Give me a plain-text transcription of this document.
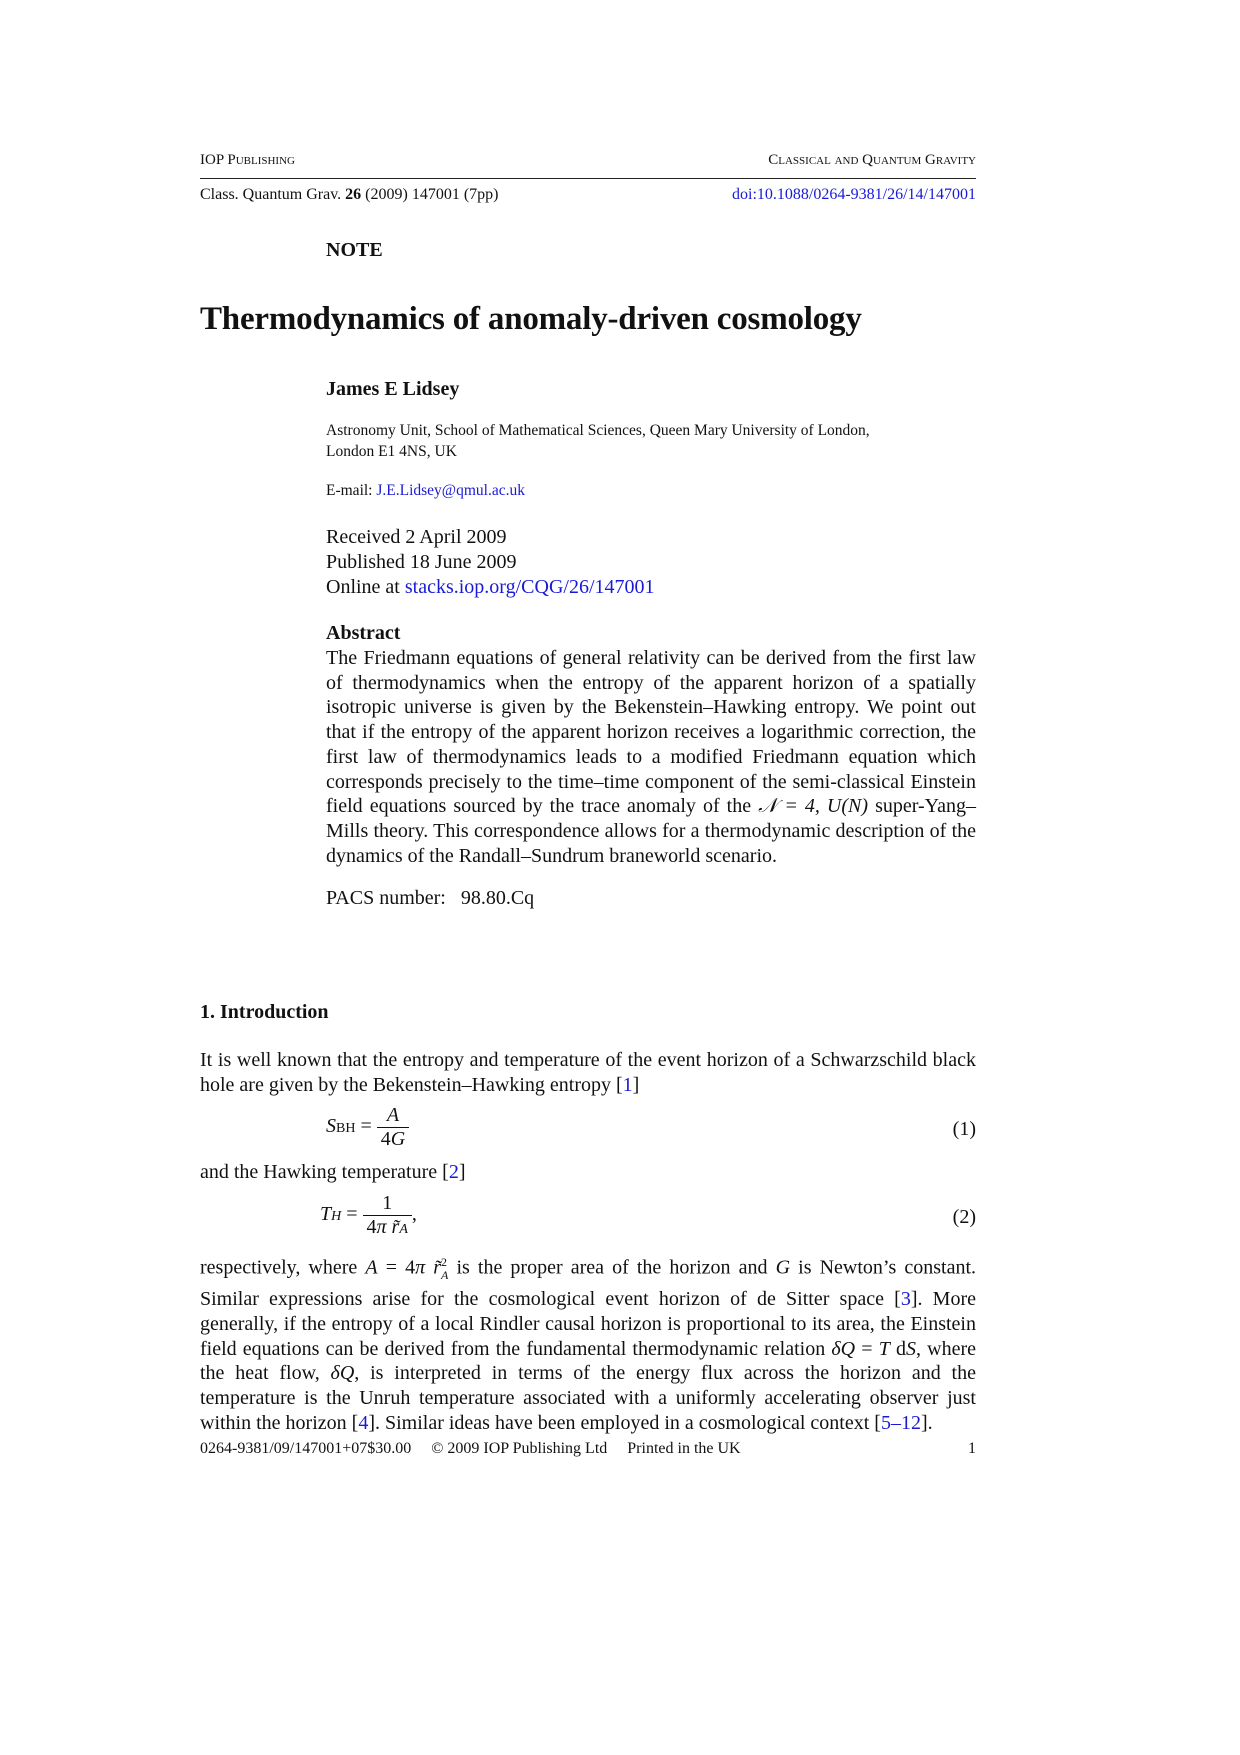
IOP Publishing	Classical and Quantum Gravity
Class. Quantum Grav. 26 (2009) 147001 (7pp)	doi:10.1088/0264-9381/26/14/147001
NOTE
Thermodynamics of anomaly-driven cosmology
James E Lidsey
Astronomy Unit, School of Mathematical Sciences, Queen Mary University of London,
London E1 4NS, UK
E-mail: J.E.Lidsey@qmul.ac.uk
Received 2 April 2009
Published 18 June 2009
Online at stacks.iop.org/CQG/26/147001
Abstract
The Friedmann equations of general relativity can be derived from the first law of thermodynamics when the entropy of the apparent horizon of a spatially isotropic universe is given by the Bekenstein–Hawking entropy. We point out that if the entropy of the apparent horizon receives a logarithmic correction, the first law of thermodynamics leads to a modified Friedmann equation which corresponds precisely to the time–time component of the semi-classical Einstein field equations sourced by the trace anomaly of the 𝒩 = 4, U(N) super-Yang–Mills theory. This correspondence allows for a thermodynamic description of the dynamics of the Randall–Sundrum braneworld scenario.
PACS number: 98.80.Cq
1. Introduction
It is well known that the entropy and temperature of the event horizon of a Schwarzschild black hole are given by the Bekenstein–Hawking entropy [1]
SBH = $\frac{A}{4G}$	(1)
and the Hawking temperature [2]
TH = $\frac{1}{\text{4π r̃A}}$ ,	(2)
respectively, where A = 4π r̃$^2_A$ is the proper area of the horizon and G is Newton’s constant. Similar expressions arise for the cosmological event horizon of de Sitter space [3]. More generally, if the entropy of a local Rindler causal horizon is proportional to its area, the Einstein field equations can be derived from the fundamental thermodynamic relation δQ = T dS, where the heat flow, δQ, is interpreted in terms of the energy flux across the horizon and the temperature is the Unruh temperature associated with a uniformly accelerating observer just within the horizon [4]. Similar ideas have been employed in a cosmological context [5–12].
0264-9381/09/147001+07$30.00 © 2009 IOP Publishing Ltd Printed in the UK	1
